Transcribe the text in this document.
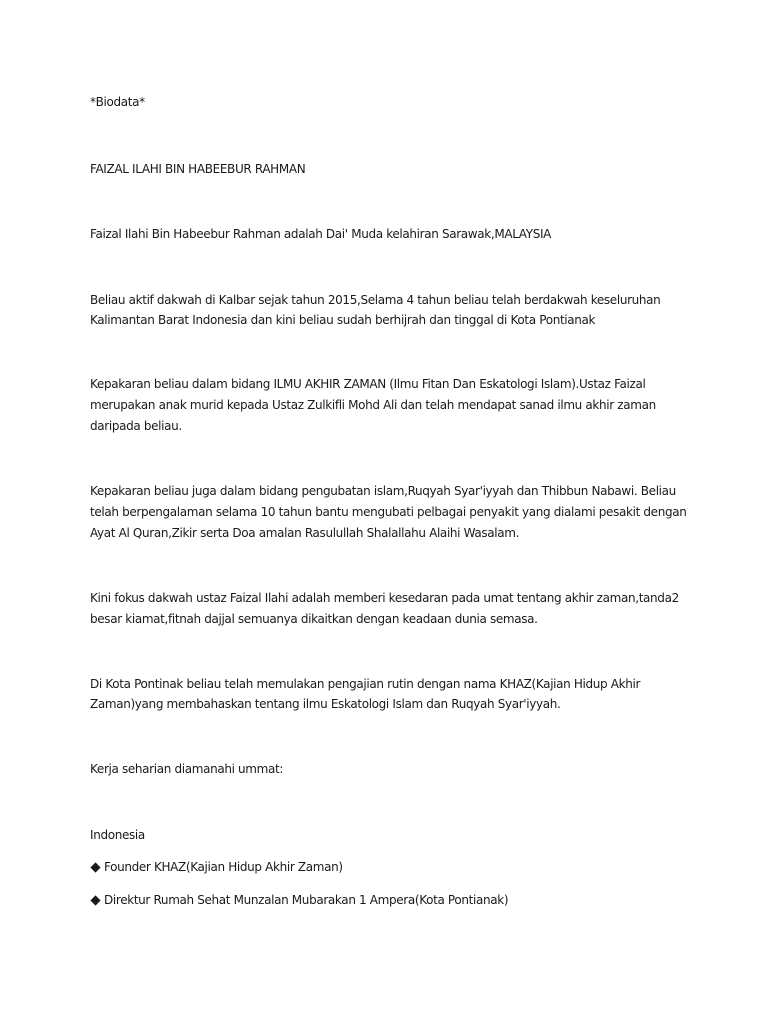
*Biodata*
FAIZAL ILAHI BIN HABEEBUR RAHMAN
Faizal Ilahi Bin Habeebur Rahman adalah Dai' Muda kelahiran Sarawak,MALAYSIA
Beliau aktif dakwah di Kalbar sejak tahun 2015,Selama 4 tahun beliau telah berdakwah keseluruhan
Kalimantan Barat Indonesia dan kini beliau sudah berhijrah dan tinggal di Kota Pontianak
Kepakaran beliau dalam bidang ILMU AKHIR ZAMAN (Ilmu Fitan Dan Eskatologi Islam).Ustaz Faizal
merupakan anak murid kepada Ustaz Zulkifli Mohd Ali dan telah mendapat sanad ilmu akhir zaman
daripada beliau.
Kepakaran beliau juga dalam bidang pengubatan islam,Ruqyah Syar'iyyah dan Thibbun Nabawi. Beliau
telah berpengalaman selama 10 tahun bantu mengubati pelbagai penyakit yang dialami pesakit dengan
Ayat Al Quran,Zikir serta Doa amalan Rasulullah Shalallahu Alaihi Wasalam.
Kini fokus dakwah ustaz Faizal Ilahi adalah memberi kesedaran pada umat tentang akhir zaman,tanda2
besar kiamat,fitnah dajjal semuanya dikaitkan dengan keadaan dunia semasa.
Di Kota Pontinak beliau telah memulakan pengajian rutin dengan nama KHAZ(Kajian Hidup Akhir
Zaman)yang membahaskan tentang ilmu Eskatologi Islam dan Ruqyah Syar'iyyah.
Kerja seharian diamanahi ummat:
Indonesia
Founder KHAZ(Kajian Hidup Akhir Zaman)
Direktur Rumah Sehat Munzalan Mubarakan 1 Ampera(Kota Pontianak)
